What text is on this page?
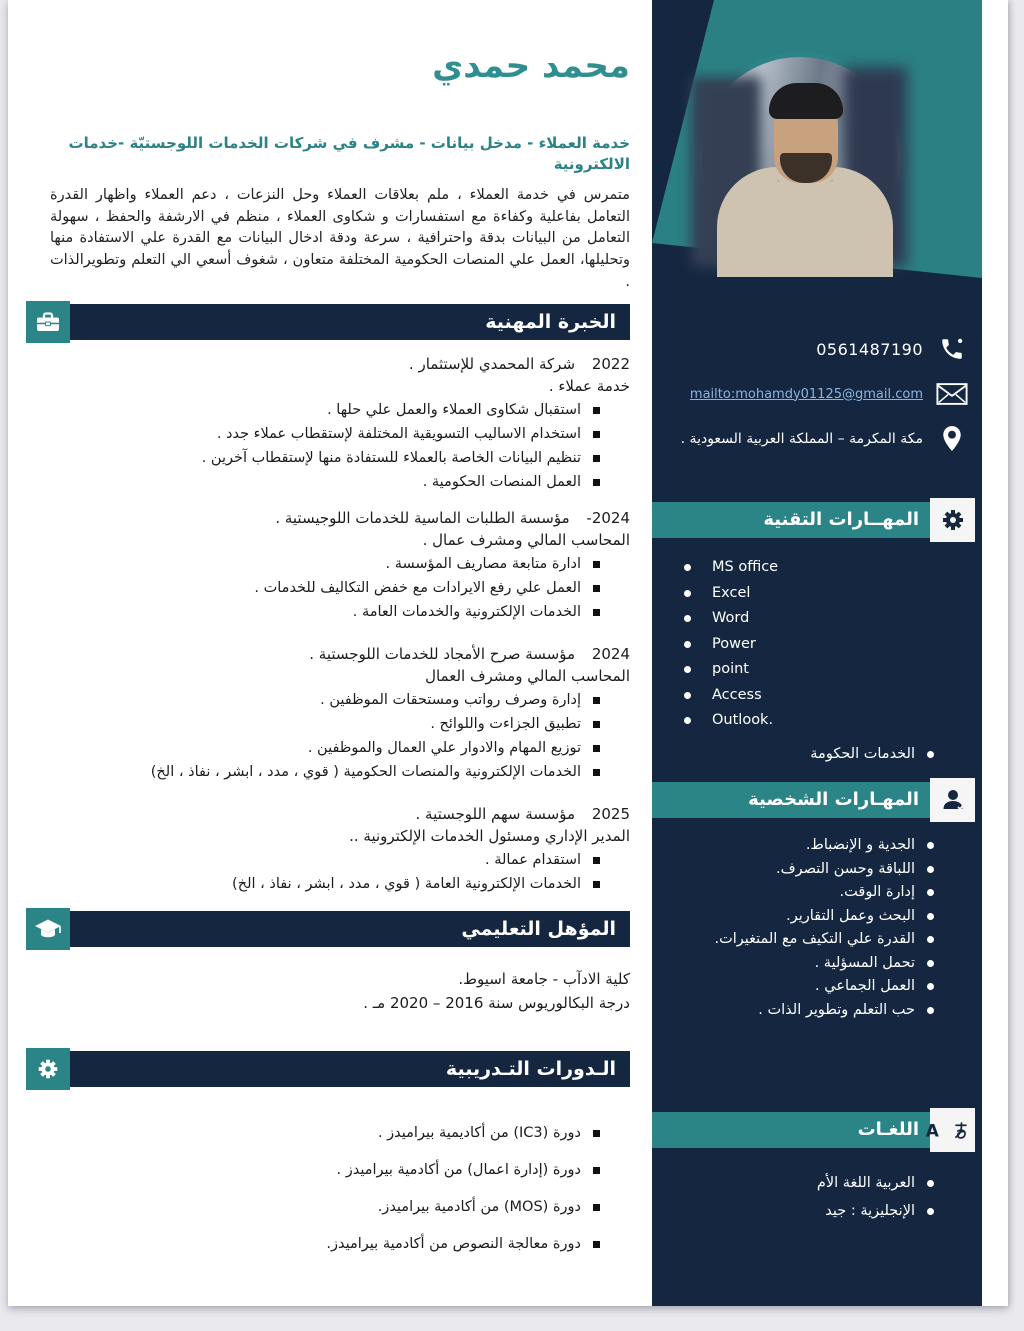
محمد حمدي
خدمة العملاء - مدخل بيانات - مشرف في شركات الخدمات اللوجستيّة -خدمات الالكترونية
متمرس في خدمة العملاء ، ملم بعلاقات العملاء وحل النزعات ، دعم العملاء واظهار القدرة التعامل بفاعلية وكفاءة مع استفسارات و شكاوى العملاء ، منظم في الارشفة والحفظ ، سهولة التعامل من البيانات بدقة واحترافية ، سرعة ودقة ادخال البيانات مع القدرة علي الاستفادة منها وتحليلها، العمل علي المنصات الحكومية المختلفة متعاون ، شغوف أسعي الي التعلم وتطويرالذات .
الخبرة المهنية
2022 شركة المحمدي للإستثمار .
خدمة عملاء .
استقبال شكاوى العملاء والعمل علي حلها .
استخدام الاساليب التسويقية المختلفة لإستقطاب عملاء جدد .
تنظيم البيانات الخاصة بالعملاء للستفادة منها لإستقطاب آخرين .
العمل المنصات الحكومية .
2024- مؤسسة الطلبات الماسية للخدمات اللوجيستية .
المحاسب المالي ومشرف عمال .
ادارة متابعة مصاريف المؤسسة .
العمل علي رفع الايرادات مع خفض التكاليف للخدمات .
الخدمات الإلكترونية والخدمات العامة .
2024 مؤسسة صرح الأمجاد للخدمات اللوجستية .
المحاسب المالي ومشرف العمال
إدارة وصرف رواتب ومستحقات الموظفين .
تطبيق الجزاءت واللوائح .
توزيع المهام والادوار علي العمال والموظفين .
الخدمات الإلكترونية والمنصات الحكومية ( قوي ، مدد ، ابشر ، نفاذ ، الخ)
2025 مؤسسة سهم اللوجستية .
المدير الإداري ومسئول الخدمات الإلكترونية ..
استقدام عمالة .
الخدمات الإلكترونية العامة ( قوي ، مدد ، ابشر ، نفاذ ، الخ)
المؤهل التعليمي
كلية الادآب - جامعة اسيوط.
درجة البكالوريوس سنة 2016 – 2020 مـ .
الـدورات التـدريبية
دورة (IC3) من أكاديمية بيراميدز .
دورة (إدارة اعمال) من أكادمية بيراميدز .
دورة (MOS) من أكادمية بيراميدز.
دورة معالجة النصوص من أكادمية بيراميدز.
0561487190
mailto:mohamdy01125@gmail.com
مكة المكرمة – المملكة العربية السعودية .
المهــارات التقنية
MS office
Excel
Word
Power
point
Access
Outlook.
الخدمات الحكومة
المهـارات الشخصية
الجدية و الإنضباط.
اللباقة وحسن التصرف.
إدارة الوقت.
البحث وعمل التقارير.
القدرة علي التكيف مع المتغيرات.
تحمل المسؤلية .
العمل الجماعي .
حب التعلم وتطوير الذات .
اللغـات A
العربية اللغة الأم
الإنجليزية : جيد
